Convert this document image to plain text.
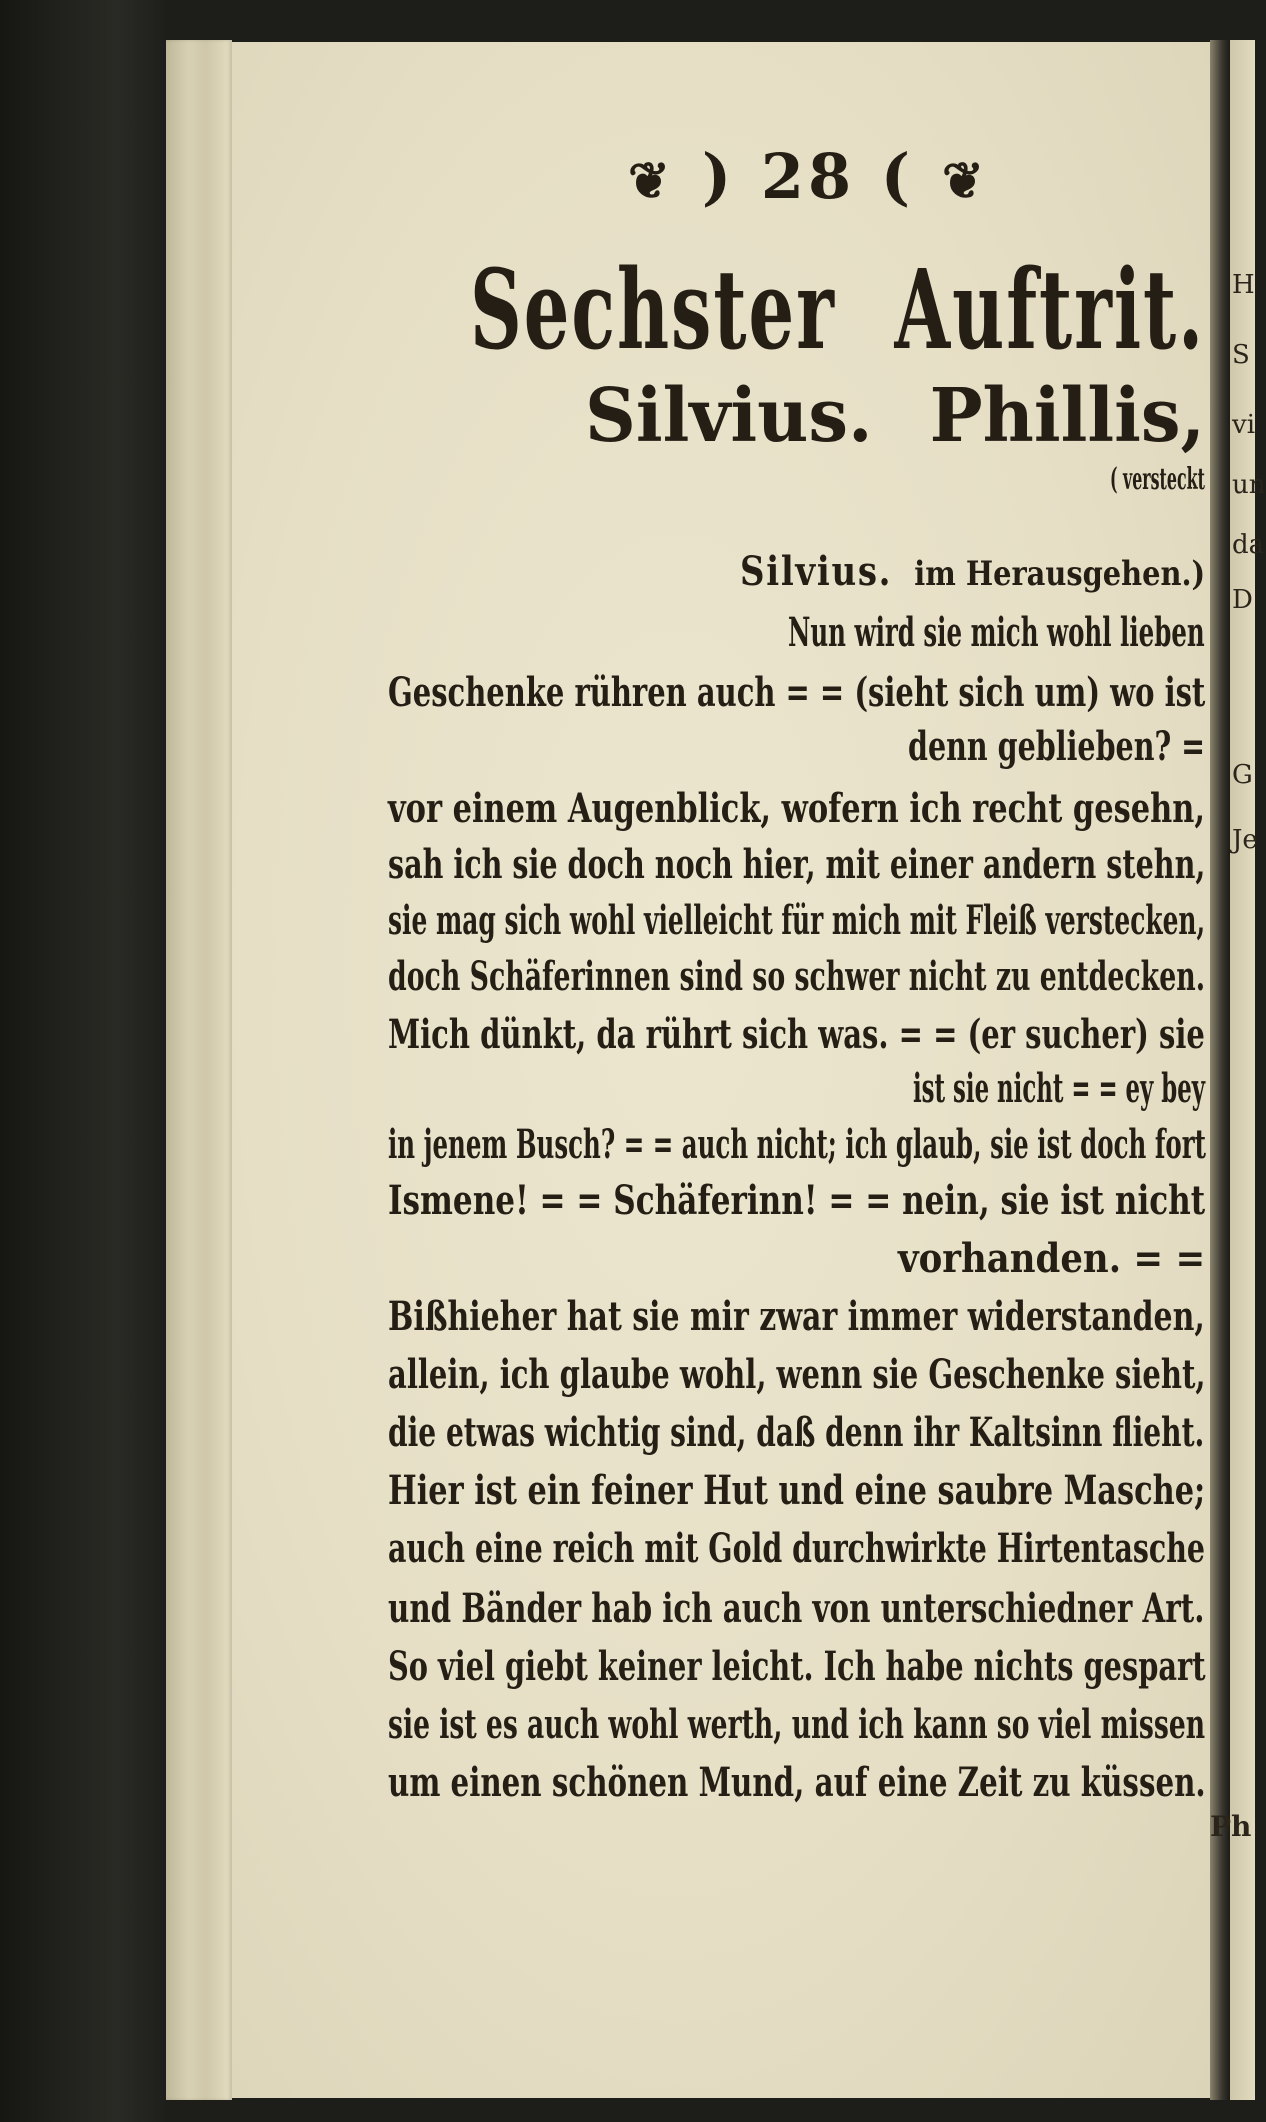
H
S
vi
un
da
D
G
Je
❦ ) 28 ( ❦
Sechster Auftrit.
Silvius. Phillis,
( versteckt
Silvius. im Herausgehen.)
Nun wird sie mich wohl lieben
Geschenke rühren auch = = (sieht sich um) wo ist
denn geblieben? =
vor einem Augenblick, wofern ich recht gesehn,
sah ich sie doch noch hier, mit einer andern stehn,
sie mag sich wohl vielleicht für mich mit Fleiß verstecken,
doch Schäferinnen sind so schwer nicht zu entdecken.
Mich dünkt, da rührt sich was. = = (er sucher) sie
ist sie nicht = = ey bey
in jenem Busch? = = auch nicht; ich glaub, sie ist doch fort
Ismene! = = Schäferinn! = = nein, sie ist nicht
vorhanden. = =
Bißhieher hat sie mir zwar immer widerstanden,
allein, ich glaube wohl, wenn sie Geschenke sieht,
die etwas wichtig sind, daß denn ihr Kaltsinn flieht.
Hier ist ein feiner Hut und eine saubre Masche;
auch eine reich mit Gold durchwirkte Hirtentasche
und Bänder hab ich auch von unterschiedner Art.
So viel giebt keiner leicht. Ich habe nichts gespart
sie ist es auch wohl werth, und ich kann so viel missen
um einen schönen Mund, auf eine Zeit zu küssen.
Ph
